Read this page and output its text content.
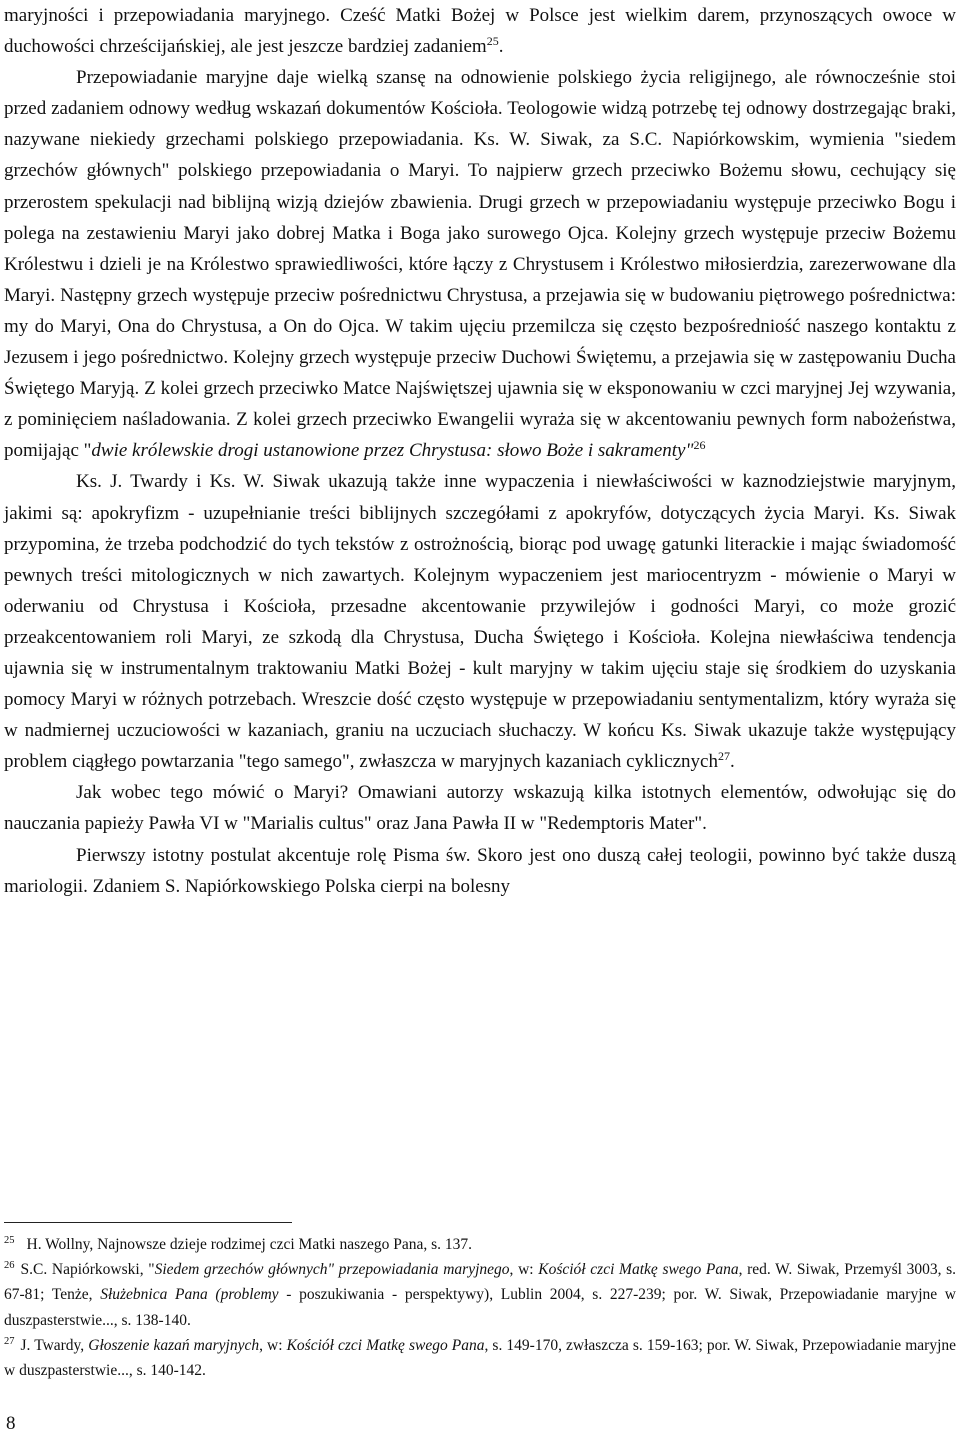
maryjności i przepowiadania maryjnego. Cześć Matki Bożej w Polsce jest wielkim darem, przynoszących owoce w duchowości chrześcijańskiej, ale jest jeszcze bardziej zadaniem$^{25}$.

Przepowiadanie maryjne daje wielką szansę na odnowienie polskiego życia religijnego, ale równocześnie stoi przed zadaniem odnowy według wskazań dokumentów Kościoła. Teologowie widzą potrzebę tej odnowy dostrzegając braki, nazywane niekiedy grzechami polskiego przepowiadania. Ks. W. Siwak, za S.C. Napiórkowskim, wymienia "siedem grzechów głównych" polskiego przepowiadania o Maryi. To najpierw grzech przeciwko Bożemu słowu, cechujący się przerostem spekulacji nad biblijną wizją dziejów zbawienia. Drugi grzech w przepowiadaniu występuje przeciwko Bogu i polega na zestawieniu Maryi jako dobrej Matka i Boga jako surowego Ojca. Kolejny grzech występuje przeciw Bożemu Królestwu i dzieli je na Królestwo sprawiedliwości, które łączy z Chrystusem i Królestwo miłosierdzia, zarezerwowane dla Maryi. Następny grzech występuje przeciw pośrednictwu Chrystusa, a przejawia się w budowaniu piętrowego pośrednictwa: my do Maryi, Ona do Chrystusa, a On do Ojca. W takim ujęciu przemilcza się często bezpośredniość naszego kontaktu z Jezusem i jego pośrednictwo. Kolejny grzech występuje przeciw Duchowi Świętemu, a przejawia się w zastępowaniu Ducha Świętego Maryją. Z kolei grzech przeciwko Matce Najświętszej ujawnia się w eksponowaniu w czci maryjnej Jej wzywania, z pominięciem naśladowania. Z kolei grzech przeciwko Ewangelii wyraża się w akcentowaniu pewnych form nabożeństwa, pomijając "dwie królewskie drogi ustanowione przez Chrystusa: słowo Boże i sakramenty"$^{26}$

Ks. J. Twardy i Ks. W. Siwak ukazują także inne wypaczenia i niewłaściwości w kaznodziejstwie maryjnym, jakimi są: apokryfizm - uzupełnianie treści biblijnych szczegółami z apokryfów, dotyczących życia Maryi. Ks. Siwak przypomina, że trzeba podchodzić do tych tekstów z ostrożnością, biorąc pod uwagę gatunki literackie i mając świadomość pewnych treści mitologicznych w nich zawartych. Kolejnym wypaczeniem jest mariocentryzm - mówienie o Maryi w oderwaniu od Chrystusa i Kościoła, przesadne akcentowanie przywilejów i godności Maryi, co może grozić przeakcentowaniem roli Maryi, ze szkodą dla Chrystusa, Ducha Świętego i Kościoła. Kolejna niewłaściwa tendencja ujawnia się w instrumentalnym traktowaniu Matki Bożej - kult maryjny w takim ujęciu staje się środkiem do uzyskania pomocy Maryi w różnych potrzebach. Wreszcie dość często występuje w przepowiadaniu sentymentalizm, który wyraża się w nadmiernej uczuciowości w kazaniach, graniu na uczuciach słuchaczy. W końcu Ks. Siwak ukazuje także występujący problem ciągłego powtarzania "tego samego", zwłaszcza w maryjnych kazaniach cyklicznych$^{27}$.

Jak wobec tego mówić o Maryi? Omawiani autorzy wskazują kilka istotnych elementów, odwołując się do nauczania papieży Pawła VI w "Marialis cultus" oraz Jana Pawła II w "Redemptoris Mater".

Pierwszy istotny postulat akcentuje rolę Pisma św. Skoro jest ono duszą całej teologii, powinno być także duszą mariologii. Zdaniem S. Napiórkowskiego Polska cierpi na bolesny

$^{25}$ H. Wollny, Najnowsze dzieje rodzimej czci Matki naszego Pana, s. 137.

$^{26}$ S.C. Napiórkowski, "Siedem grzechów głównych" przepowiadania maryjnego, w: Kościół czci Matkę swego Pana, red. W. Siwak, Przemyśl 3003, s. 67-81; Tenże, Służebnica Pana (problemy - poszukiwania - perspektywy), Lublin 2004, s. 227-239; por. W. Siwak, Przepowiadanie maryjne w duszpasterstwie..., s. 138-140.

$^{27}$ J. Twardy, Głoszenie kazań maryjnych, w: Kościół czci Matkę swego Pana, s. 149-170, zwłaszcza s. 159-163; por. W. Siwak, Przepowiadanie maryjne w duszpasterstwie..., s. 140-142.

8
